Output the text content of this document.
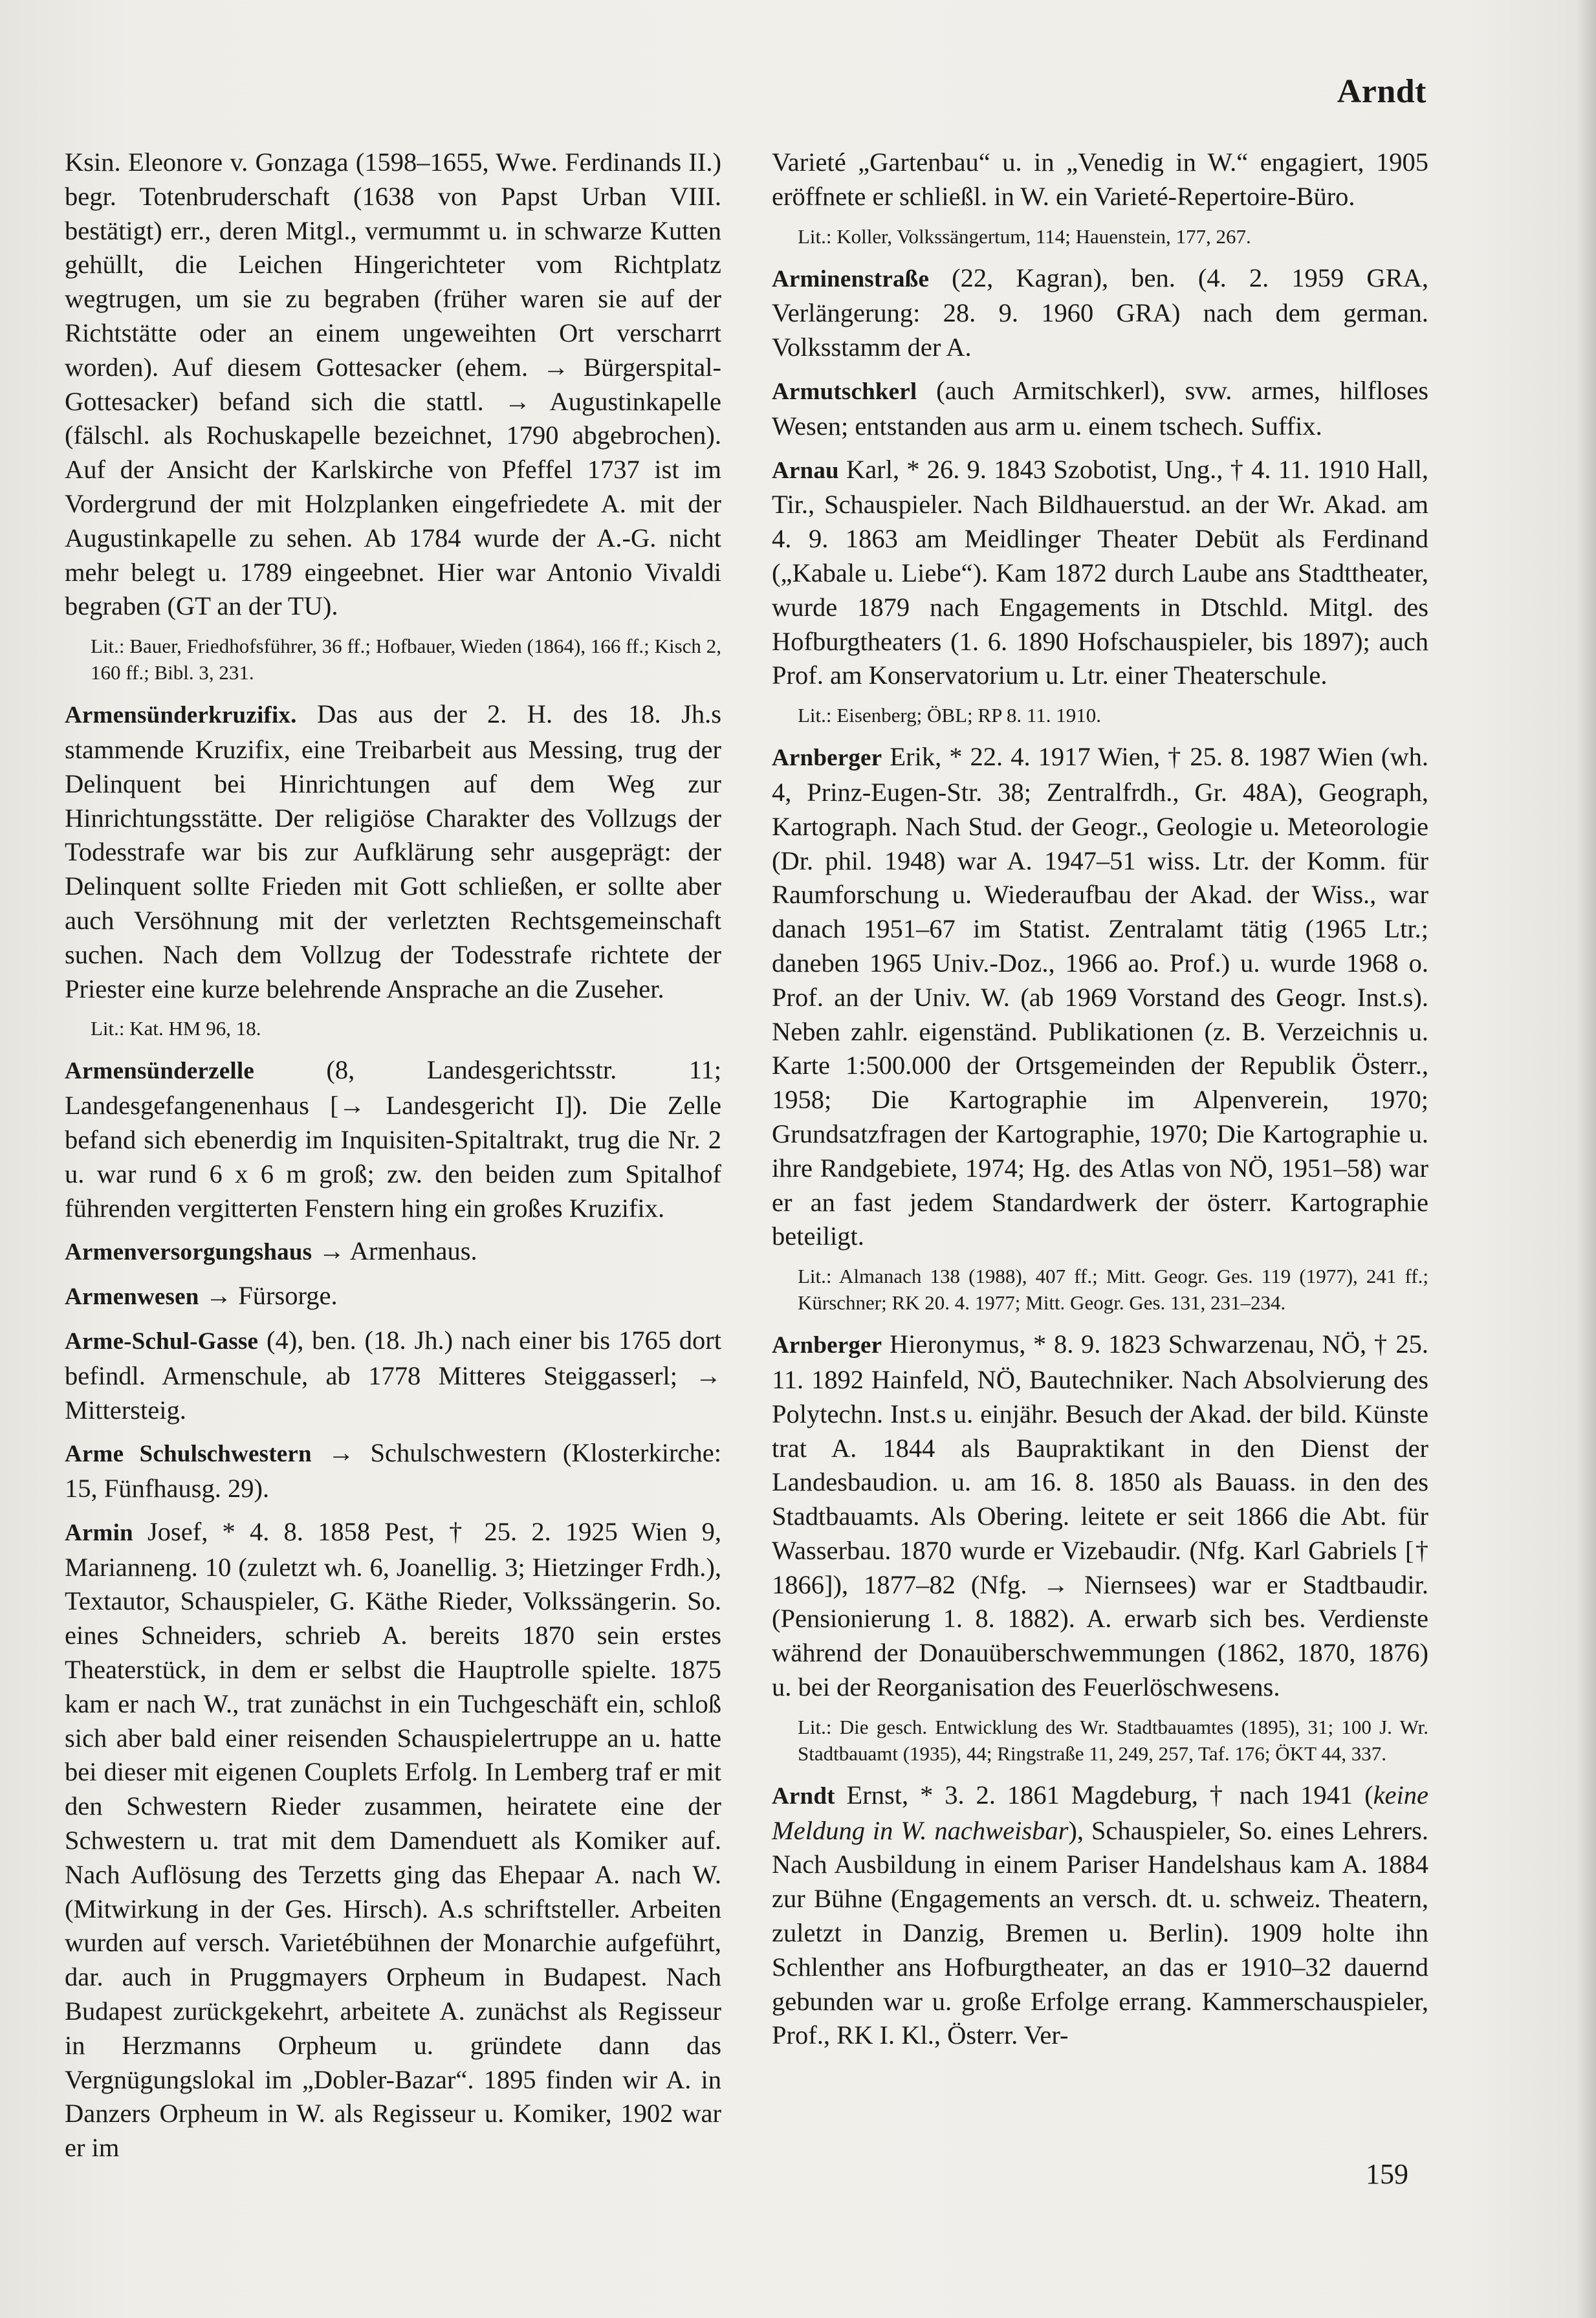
Arndt

Ksin. Eleonore v. Gonzaga (1598–1655, Wwe. Ferdinands II.) begr. Totenbruderschaft (1638 von Papst Urban VIII. bestätigt) err., deren Mitgl., vermummt u. in schwarze Kutten gehüllt, die Leichen Hingerichteter vom Richtplatz wegtrugen, um sie zu begraben (früher waren sie auf der Richtstätte oder an einem ungeweihten Ort verscharrt worden). Auf diesem Gottesacker (ehem. → Bürgerspital-Gottesacker) befand sich die stattl. → Augustinkapelle (fälschl. als Rochuskapelle bezeichnet, 1790 abgebrochen). Auf der Ansicht der Karlskirche von Pfeffel 1737 ist im Vordergrund der mit Holzplanken eingefriedete A. mit der Augustinkapelle zu sehen. Ab 1784 wurde der A.-G. nicht mehr belegt u. 1789 eingeebnet. Hier war Antonio Vivaldi begraben (GT an der TU).

Lit.: Bauer, Friedhofsführer, 36 ff.; Hofbauer, Wieden (1864), 166 ff.; Kisch 2, 160 ff.; Bibl. 3, 231.

Armensünderkruzifix. Das aus der 2. H. des 18. Jh.s stammende Kruzifix, eine Treibarbeit aus Messing, trug der Delinquent bei Hinrichtungen auf dem Weg zur Hinrichtungsstätte. Der religiöse Charakter des Vollzugs der Todesstrafe war bis zur Aufklärung sehr ausgeprägt: der Delinquent sollte Frieden mit Gott schließen, er sollte aber auch Versöhnung mit der verletzten Rechtsgemeinschaft suchen. Nach dem Vollzug der Todesstrafe richtete der Priester eine kurze belehrende Ansprache an die Zuseher.

Lit.: Kat. HM 96, 18.

Armensünderzelle (8, Landesgerichtsstr. 11; Landesgefangenenhaus [→ Landesgericht I]). Die Zelle befand sich ebenerdig im Inquisiten-Spitaltrakt, trug die Nr. 2 u. war rund 6 x 6 m groß; zw. den beiden zum Spitalhof führenden vergitterten Fenstern hing ein großes Kruzifix.

Armenversorgungshaus → Armenhaus.

Armenwesen → Fürsorge.

Arme-Schul-Gasse (4), ben. (18. Jh.) nach einer bis 1765 dort befindl. Armenschule, ab 1778 Mitteres Steiggasserl; → Mittersteig.

Arme Schulschwestern → Schulschwestern (Klosterkirche: 15, Fünfhausg. 29).

Armin Josef, * 4. 8. 1858 Pest, † 25. 2. 1925 Wien 9, Marianneng. 10 (zuletzt wh. 6, Joanellig. 3; Hietzinger Frdh.), Textautor, Schauspieler, G. Käthe Rieder, Volkssängerin. So. eines Schneiders, schrieb A. bereits 1870 sein erstes Theaterstück, in dem er selbst die Hauptrolle spielte. 1875 kam er nach W., trat zunächst in ein Tuchgeschäft ein, schloß sich aber bald einer reisenden Schauspielertruppe an u. hatte bei dieser mit eigenen Couplets Erfolg. In Lemberg traf er mit den Schwestern Rieder zusammen, heiratete eine der Schwestern u. trat mit dem Damenduett als Komiker auf. Nach Auflösung des Terzetts ging das Ehepaar A. nach W. (Mitwirkung in der Ges. Hirsch). A.s schriftsteller. Arbeiten wurden auf versch. Varietébühnen der Monarchie aufgeführt, dar. auch in Pruggmayers Orpheum in Budapest. Nach Budapest zurückgekehrt, arbeitete A. zunächst als Regisseur in Herzmanns Orpheum u. gründete dann das Vergnügungslokal im „Dobler-Bazar“. 1895 finden wir A. in Danzers Orpheum in W. als Regisseur u. Komiker, 1902 war er im

Varieté „Gartenbau“ u. in „Venedig in W.“ engagiert, 1905 eröffnete er schließl. in W. ein Varieté-Repertoire-Büro.

Lit.: Koller, Volkssängertum, 114; Hauenstein, 177, 267.

Arminenstraße (22, Kagran), ben. (4. 2. 1959 GRA, Verlängerung: 28. 9. 1960 GRA) nach dem german. Volksstamm der A.

Armutschkerl (auch Armitschkerl), svw. armes, hilfloses Wesen; entstanden aus arm u. einem tschech. Suffix.

Arnau Karl, * 26. 9. 1843 Szobotist, Ung., † 4. 11. 1910 Hall, Tir., Schauspieler. Nach Bildhauerstud. an der Wr. Akad. am 4. 9. 1863 am Meidlinger Theater Debüt als Ferdinand („Kabale u. Liebe“). Kam 1872 durch Laube ans Stadttheater, wurde 1879 nach Engagements in Dtschld. Mitgl. des Hofburgtheaters (1. 6. 1890 Hofschauspieler, bis 1897); auch Prof. am Konservatorium u. Ltr. einer Theaterschule.

Lit.: Eisenberg; ÖBL; RP 8. 11. 1910.

Arnberger Erik, * 22. 4. 1917 Wien, † 25. 8. 1987 Wien (wh. 4, Prinz-Eugen-Str. 38; Zentralfrdh., Gr. 48A), Geograph, Kartograph. Nach Stud. der Geogr., Geologie u. Meteorologie (Dr. phil. 1948) war A. 1947–51 wiss. Ltr. der Komm. für Raumforschung u. Wiederaufbau der Akad. der Wiss., war danach 1951–67 im Statist. Zentralamt tätig (1965 Ltr.; daneben 1965 Univ.-Doz., 1966 ao. Prof.) u. wurde 1968 o. Prof. an der Univ. W. (ab 1969 Vorstand des Geogr. Inst.s). Neben zahlr. eigenständ. Publikationen (z. B. Verzeichnis u. Karte 1:500.000 der Ortsgemeinden der Republik Österr., 1958; Die Kartographie im Alpenverein, 1970; Grundsatzfragen der Kartographie, 1970; Die Kartographie u. ihre Randgebiete, 1974; Hg. des Atlas von NÖ, 1951–58) war er an fast jedem Standardwerk der österr. Kartographie beteiligt.

Lit.: Almanach 138 (1988), 407 ff.; Mitt. Geogr. Ges. 119 (1977), 241 ff.; Kürschner; RK 20. 4. 1977; Mitt. Geogr. Ges. 131, 231–234.

Arnberger Hieronymus, * 8. 9. 1823 Schwarzenau, NÖ, † 25. 11. 1892 Hainfeld, NÖ, Bautechniker. Nach Absolvierung des Polytechn. Inst.s u. einjähr. Besuch der Akad. der bild. Künste trat A. 1844 als Baupraktikant in den Dienst der Landesbaudion. u. am 16. 8. 1850 als Bauass. in den des Stadtbauamts. Als Obering. leitete er seit 1866 die Abt. für Wasserbau. 1870 wurde er Vizebaudir. (Nfg. Karl Gabriels [† 1866]), 1877–82 (Nfg. → Niernsees) war er Stadtbaudir. (Pensionierung 1. 8. 1882). A. erwarb sich bes. Verdienste während der Donauüberschwemmungen (1862, 1870, 1876) u. bei der Reorganisation des Feuerlöschwesens.

Lit.: Die gesch. Entwicklung des Wr. Stadtbauamtes (1895), 31; 100 J. Wr. Stadtbauamt (1935), 44; Ringstraße 11, 249, 257, Taf. 176; ÖKT 44, 337.

Arndt Ernst, * 3. 2. 1861 Magdeburg, † nach 1941 (keine Meldung in W. nachweisbar), Schauspieler, So. eines Lehrers. Nach Ausbildung in einem Pariser Handelshaus kam A. 1884 zur Bühne (Engagements an versch. dt. u. schweiz. Theatern, zuletzt in Danzig, Bremen u. Berlin). 1909 holte ihn Schlenther ans Hofburgtheater, an das er 1910–32 dauernd gebunden war u. große Erfolge errang. Kammerschauspieler, Prof., RK I. Kl., Österr. Ver-

159
